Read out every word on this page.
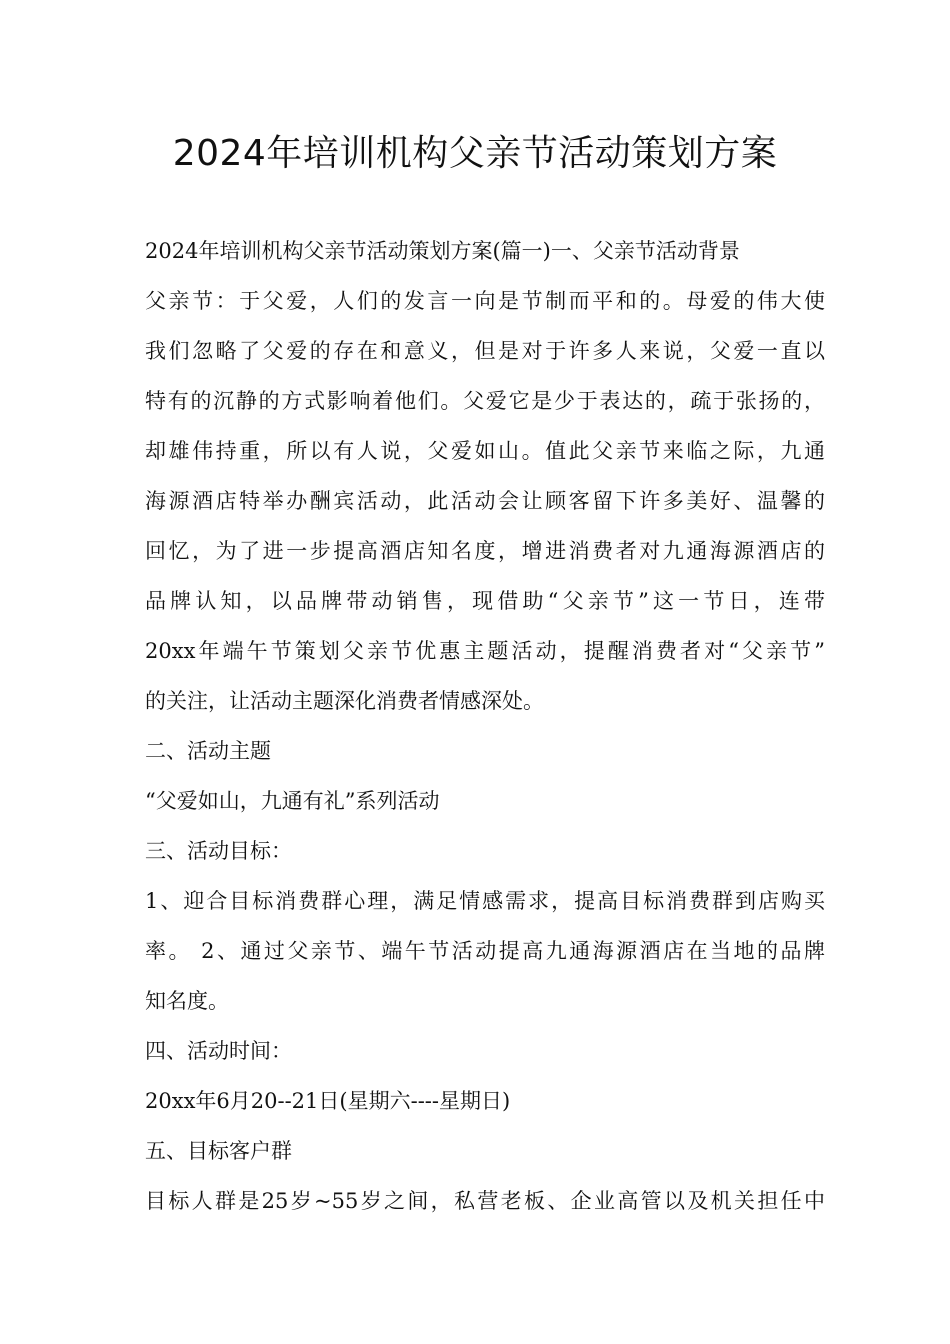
2024年培训机构父亲节活动策划方案
2024年培训机构父亲节活动策划方案(篇一)一、父亲节活动背景
父亲节：于父爱，人们的发言一向是节制而平和的。母爱的伟大使
我们忽略了父爱的存在和意义，但是对于许多人来说，父爱一直以
特有的沉静的方式影响着他们。父爱它是少于表达的，疏于张扬的，
却雄伟持重，所以有人说，父爱如山。值此父亲节来临之际，九通
海源酒店特举办酬宾活动，此活动会让顾客留下许多美好、温馨的
回忆，为了进一步提高酒店知名度，增进消费者对九通海源酒店的
品牌认知，以品牌带动销售，现借助“父亲节”这一节日，连带
20xx年端午节策划父亲节优惠主题活动，提醒消费者对“父亲节”
的关注，让活动主题深化消费者情感深处。
二、活动主题
“父爱如山，九通有礼”系列活动
三、活动目标：
1、迎合目标消费群心理，满足情感需求，提高目标消费群到店购买
率。 2、通过父亲节、端午节活动提高九通海源酒店在当地的品牌
知名度。
四、活动时间：
20xx年6月20--21日(星期六----星期日)
五、目标客户群
目标人群是25岁~55岁之间，私营老板、企业高管以及机关担任中
